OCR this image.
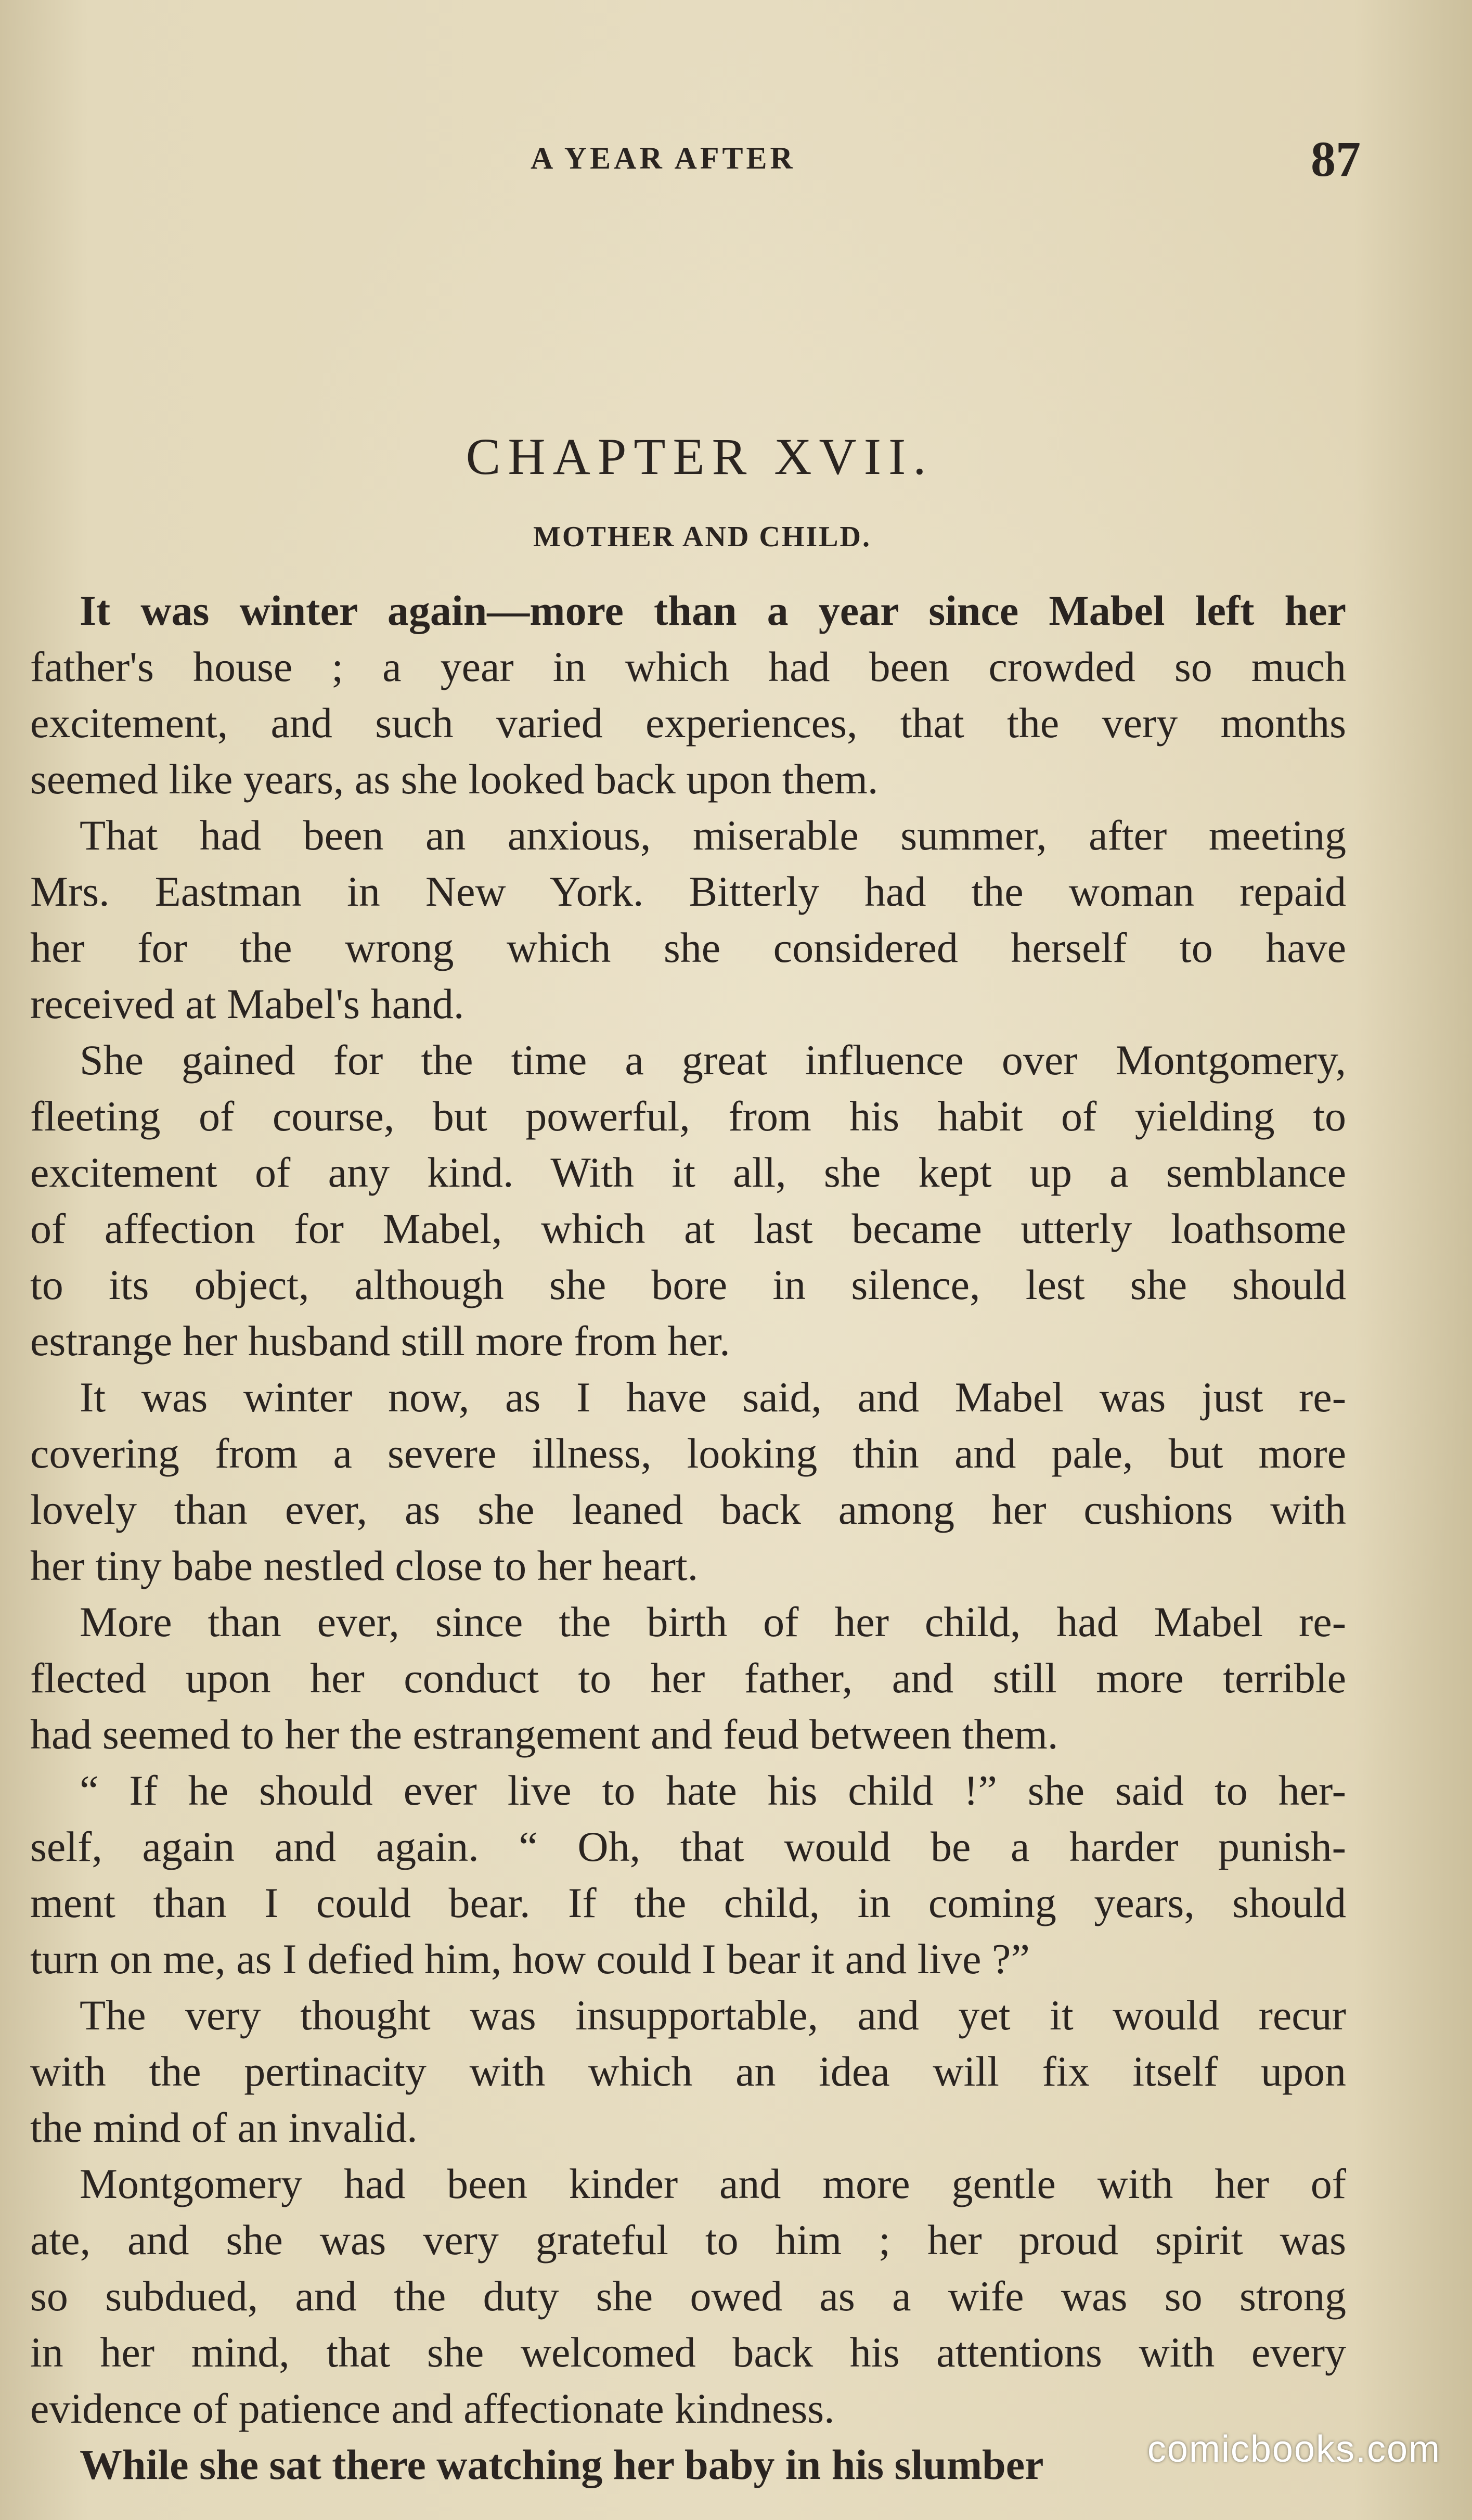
A YEAR AFTER	87
CHAPTER XVII.
MOTHER AND CHILD.
It was winter again—more than a year since Mabel left her
father's house ; a year in which had been crowded so much
excitement, and such varied experiences, that the very months
seemed like years, as she looked back upon them.
That had been an anxious, miserable summer, after meeting
Mrs. Eastman in New York. Bitterly had the woman repaid
her for the wrong which she considered herself to have
received at Mabel's hand.
She gained for the time a great influence over Montgomery,
fleeting of course, but powerful, from his habit of yielding to
excitement of any kind. With it all, she kept up a semblance
of affection for Mabel, which at last became utterly loathsome
to its object, although she bore in silence, lest she should
estrange her husband still more from her.
It was winter now, as I have said, and Mabel was just re-
covering from a severe illness, looking thin and pale, but more
lovely than ever, as she leaned back among her cushions with
her tiny babe nestled close to her heart.
More than ever, since the birth of her child, had Mabel re-
flected upon her conduct to her father, and still more terrible
had seemed to her the estrangement and feud between them.
“ If he should ever live to hate his child !” she said to her-
self, again and again. “ Oh, that would be a harder punish-
ment than I could bear. If the child, in coming years, should
turn on me, as I defied him, how could I bear it and live ?”
The very thought was insupportable, and yet it would recur
with the pertinacity with which an idea will fix itself upon
the mind of an invalid.
Montgomery had been kinder and more gentle with her of
ate, and she was very grateful to him ; her proud spirit was
so subdued, and the duty she owed as a wife was so strong
in her mind, that she welcomed back his attentions with every
evidence of patience and affectionate kindness.
While she sat there watching her baby in his slumber	comicbooks.com
